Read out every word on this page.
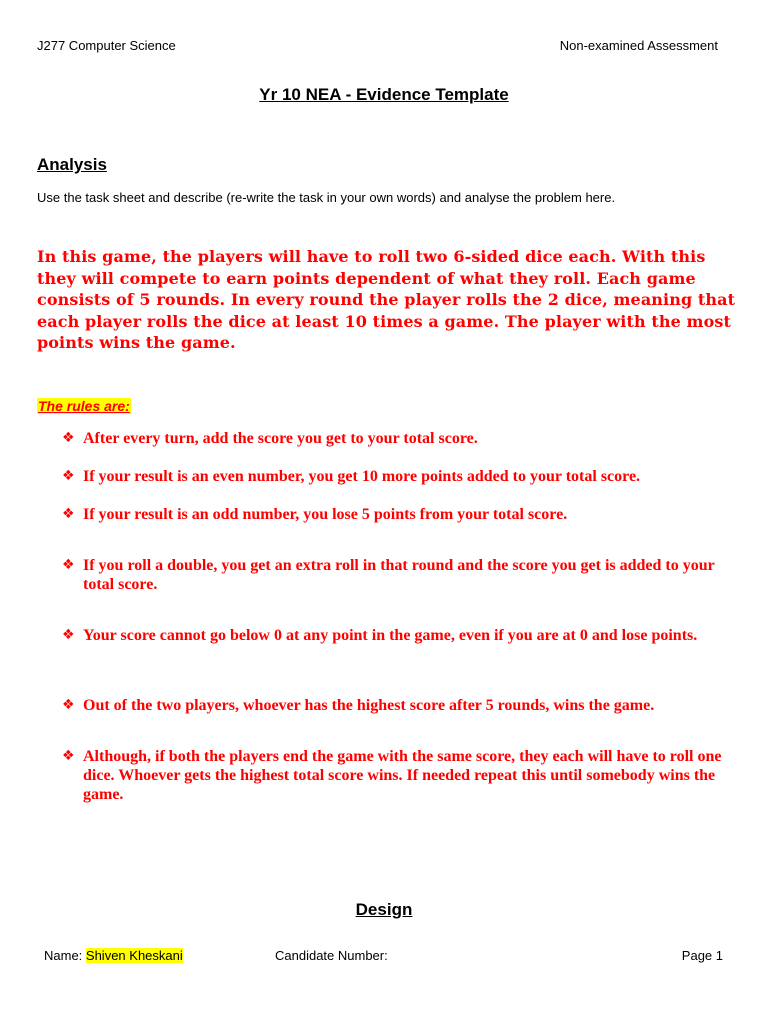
J277 Computer Science	Non-examined Assessment
Yr 10 NEA - Evidence Template
Analysis
Use the task sheet and describe (re-write the task in your own words) and analyse the problem here.
In this game, the players will have to roll two 6-sided dice each. With this they will compete to earn points dependent of what they roll. Each game consists of 5 rounds. In every round the player rolls the 2 dice, meaning that each player rolls the dice at least 10 times a game. The player with the most points wins the game.
The rules are:
❖ After every turn, add the score you get to your total score.
❖ If your result is an even number, you get 10 more points added to your total score.
❖ If your result is an odd number, you lose 5 points from your total score.
❖ If you roll a double, you get an extra roll in that round and the score you get is added to your total score.
❖ Your score cannot go below 0 at any point in the game, even if you are at 0 and lose points.
❖ Out of the two players, whoever has the highest score after 5 rounds, wins the game.
❖ Although, if both the players end the game with the same score, they each will have to roll one dice. Whoever gets the highest total score wins. If needed repeat this until somebody wins the game.
Design
Name: Shiven Kheskani	Candidate Number:	Page 1
